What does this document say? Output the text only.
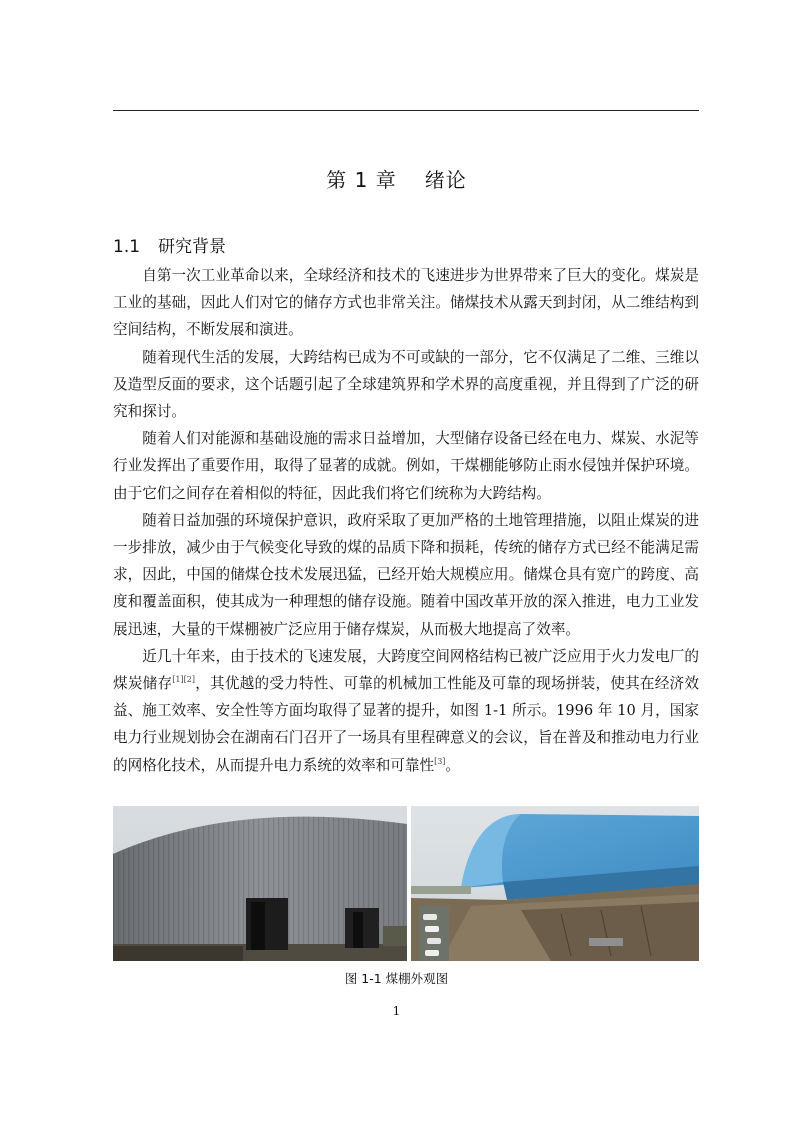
第 1 章 绪论
1.1 研究背景

自第一次工业革命以来，全球经济和技术的飞速进步为世界带来了巨大的变化。煤炭是工业的基础，因此人们对它的储存方式也非常关注。储煤技术从露天到封闭，从二维结构到空间结构，不断发展和演进。

随着现代生活的发展，大跨结构已成为不可或缺的一部分，它不仅满足了二维、三维以及造型反面的要求，这个话题引起了全球建筑界和学术界的高度重视，并且得到了广泛的研究和探讨。

随着人们对能源和基础设施的需求日益增加，大型储存设备已经在电力、煤炭、水泥等行业发挥出了重要作用，取得了显著的成就。例如，干煤棚能够防止雨水侵蚀并保护环境。由于它们之间存在着相似的特征，因此我们将它们统称为大跨结构。

随着日益加强的环境保护意识，政府采取了更加严格的土地管理措施，以阻止煤炭的进一步排放，减少由于气候变化导致的煤的品质下降和损耗，传统的储存方式已经不能满足需求，因此，中国的储煤仓技术发展迅猛，已经开始大规模应用。储煤仓具有宽广的跨度、高度和覆盖面积，使其成为一种理想的储存设施。随着中国改革开放的深入推进，电力工业发展迅速，大量的干煤棚被广泛应用于储存煤炭，从而极大地提高了效率。

近几十年来，由于技术的飞速发展，大跨度空间网格结构已被广泛应用于火力发电厂的煤炭储存[1][2]，其优越的受力特性、可靠的机械加工性能及可靠的现场拼装，使其在经济效益、施工效率、安全性等方面均取得了显著的提升，如图 1-1 所示。1996 年 10 月，国家电力行业规划协会在湖南石门召开了一场具有里程碑意义的会议，旨在普及和推动电力行业的网格化技术，从而提升电力系统的效率和可靠性[3]。

图 1-1 煤棚外观图
1
